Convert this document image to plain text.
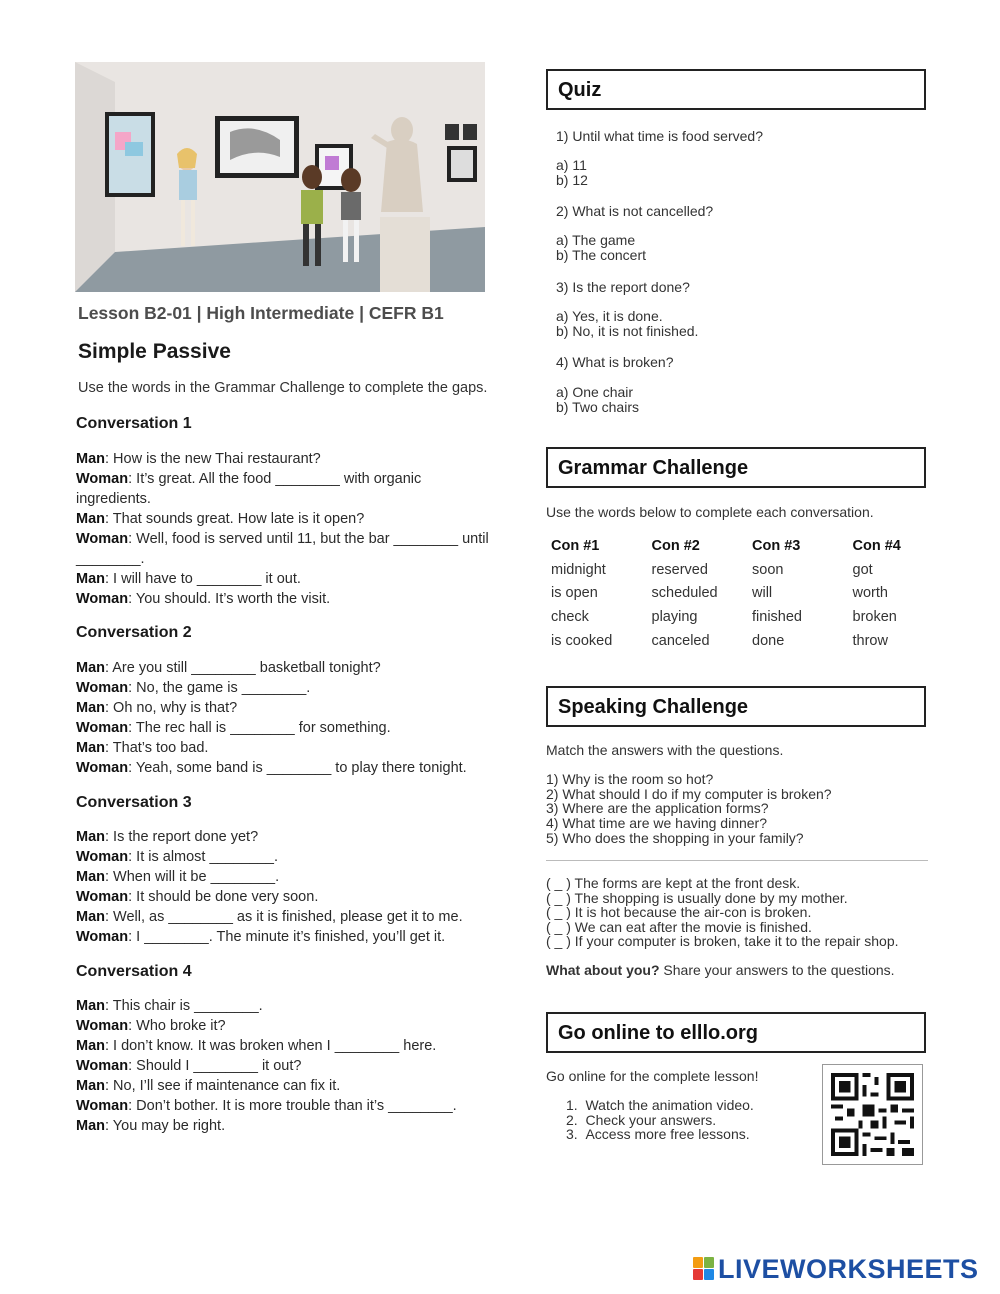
Lesson B2-01 | High Intermediate | CEFR B1
Simple Passive
Use the words in the Grammar Challenge to complete the gaps.
Conversation 1
Man: How is the new Thai restaurant?
Woman: It’s great. All the food ________ with organic ingredients.
Man: That sounds great. How late is it open?
Woman: Well, food is served until 11, but the bar ________ until ________.
Man: I will have to ________ it out.
Woman: You should. It’s worth the visit.
Conversation 2
Man: Are you still ________ basketball tonight?
Woman: No, the game is ________.
Man: Oh no, why is that?
Woman: The rec hall is ________ for something.
Man: That’s too bad.
Woman: Yeah, some band is ________ to play there tonight.
Conversation 3
Man: Is the report done yet?
Woman: It is almost ________.
Man: When will it be ________.
Woman: It should be done very soon.
Man: Well, as ________ as it is finished, please get it to me.
Woman: I ________. The minute it’s finished, you’ll get it.
Conversation 4
Man: This chair is ________.
Woman: Who broke it?
Man: I don’t know. It was broken when I ________ here.
Woman: Should I ________ it out?
Man: No, I’ll see if maintenance can fix it.
Woman: Don’t bother. It is more trouble than it’s ________.
Man: You may be right.
Quiz
1) Until what time is food served?
a) 11
b) 12
2) What is not cancelled?
a) The game
b) The concert
3) Is the report done?
a) Yes, it is done.
b) No, it is not finished.
4) What is broken?
a) One chair
b) Two chairs
Grammar Challenge
Use the words below to complete each conversation.
Con #1	Con #2	Con #3	Con #4
midnight	reserved	soon	got
is open	scheduled	will	worth
check	playing	finished	broken
is cooked	canceled	done	throw
Speaking Challenge
Match the answers with the questions.
1) Why is the room so hot?
2) What should I do if my computer is broken?
3) Where are the application forms?
4) What time are we having dinner?
5) Who does the shopping in your family?
( _ ) The forms are kept at the front desk.
( _ ) The shopping is usually done by my mother.
( _ ) It is hot because the air-con is broken.
( _ ) We can eat after the movie is finished.
( _ ) If your computer is broken, take it to the repair shop.
What about you? Share your answers to the questions.
Go online to elllo.org
Go online for the complete lesson!
1.  Watch the animation video.
2.  Check your answers.
3.  Access more free lessons.
LIVEWORKSHEETS
